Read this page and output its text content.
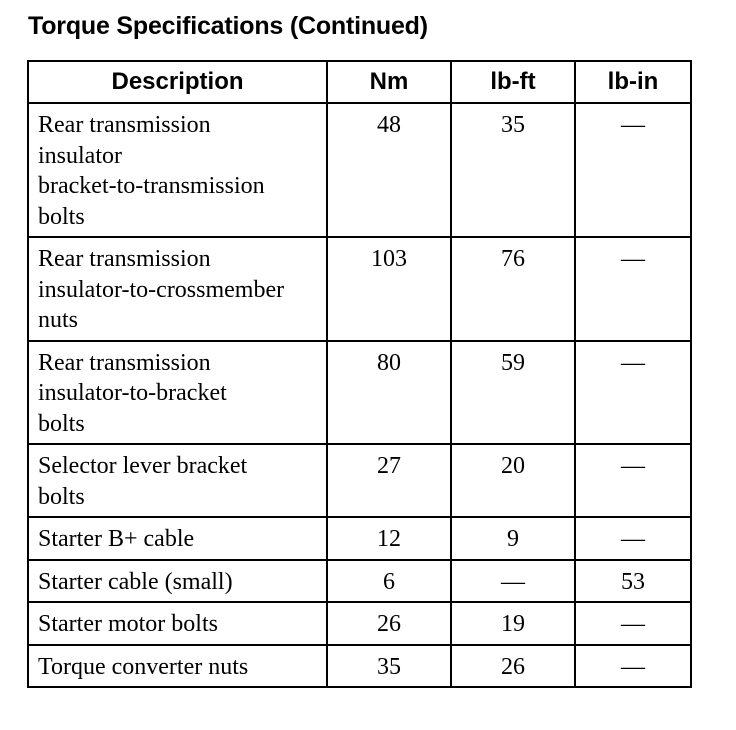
Torque Specifications (Continued)
Description	Nm	lb-ft	lb-in
Rear transmission
insulator
bracket-to-transmission
bolts	48	35	—
Rear transmission
insulator-to-crossmember
nuts	103	76	—
Rear transmission
insulator-to-bracket
bolts	80	59	—
Selector lever bracket
bolts	27	20	—
Starter B+ cable	12	9	—
Starter cable (small)	6	—	53
Starter motor bolts	26	19	—
Torque converter nuts	35	26	—
